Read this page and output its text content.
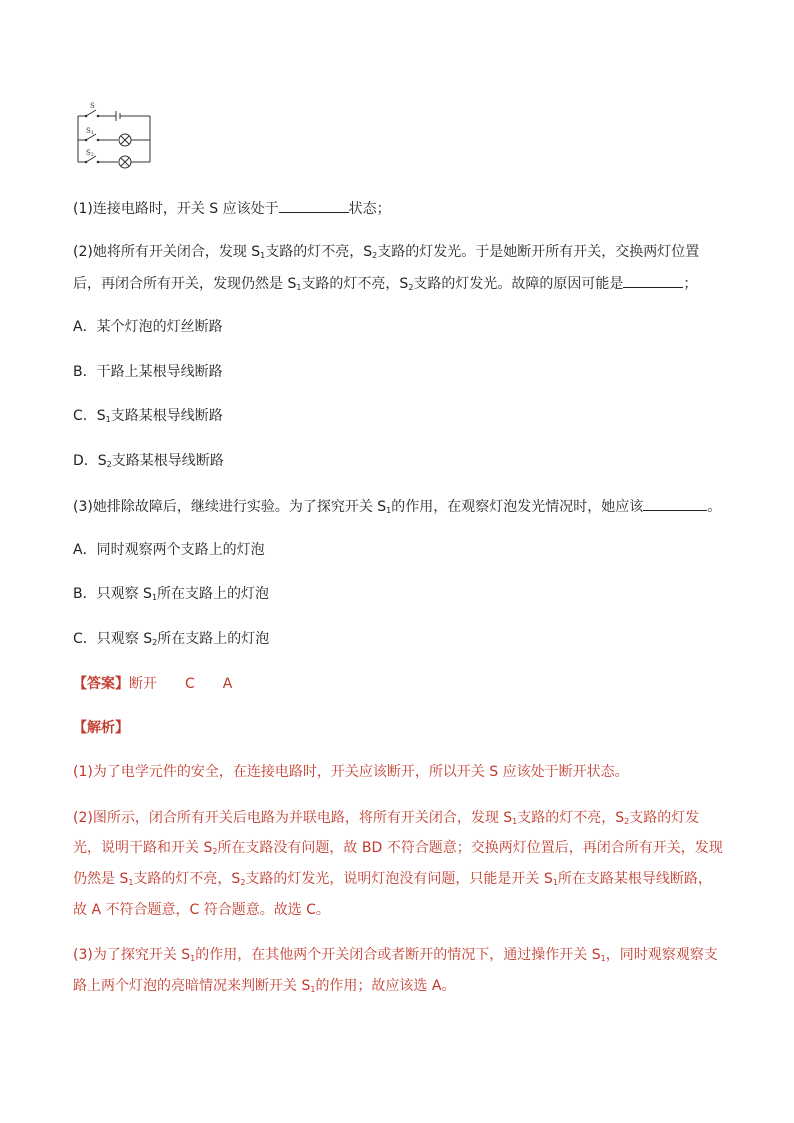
S
S1
S2
(1)连接电路时，开关 S 应该处于	状态；
(2)她将所有开关闭合，发现 $S_1$支路的灯不亮，$S_2$支路的灯发光。于是她断开所有开关，交换两灯位置
后，再闭合所有开关，发现仍然是 $S_1$支路的灯不亮，$S_2$支路的灯发光。故障的原因可能是	；
A．某个灯泡的灯丝断路
B．干路上某根导线断路
C．$S_1$支路某根导线断路
D．$S_2$支路某根导线断路
(3)她排除故障后，继续进行实验。为了探究开关 $S_1$的作用，在观察灯泡发光情况时，她应该	。
A．同时观察两个支路上的灯泡
B．只观察 $S_1$所在支路上的灯泡
C．只观察 $S_2$所在支路上的灯泡
【答案】断开 C A
【解析】
(1)为了电学元件的安全，在连接电路时，开关应该断开，所以开关 S 应该处于断开状态。
(2)图所示，闭合所有开关后电路为并联电路，将所有开关闭合，发现 $S_1$支路的灯不亮，$S_2$支路的灯发
光，说明干路和开关 $S_2$所在支路没有问题，故 BD 不符合题意；交换两灯位置后，再闭合所有开关，发现
仍然是 $S_1$支路的灯不亮，$S_2$支路的灯发光，说明灯泡没有问题，只能是开关 $S_1$所在支路某根导线断路，
故 A 不符合题意，C 符合题意。故选 C。
(3)为了探究开关 $S_1$的作用，在其他两个开关闭合或者断开的情况下，通过操作开关 $S_1$，同时观察观察支
路上两个灯泡的亮暗情况来判断开关 $S_1$的作用；故应该选 A。
